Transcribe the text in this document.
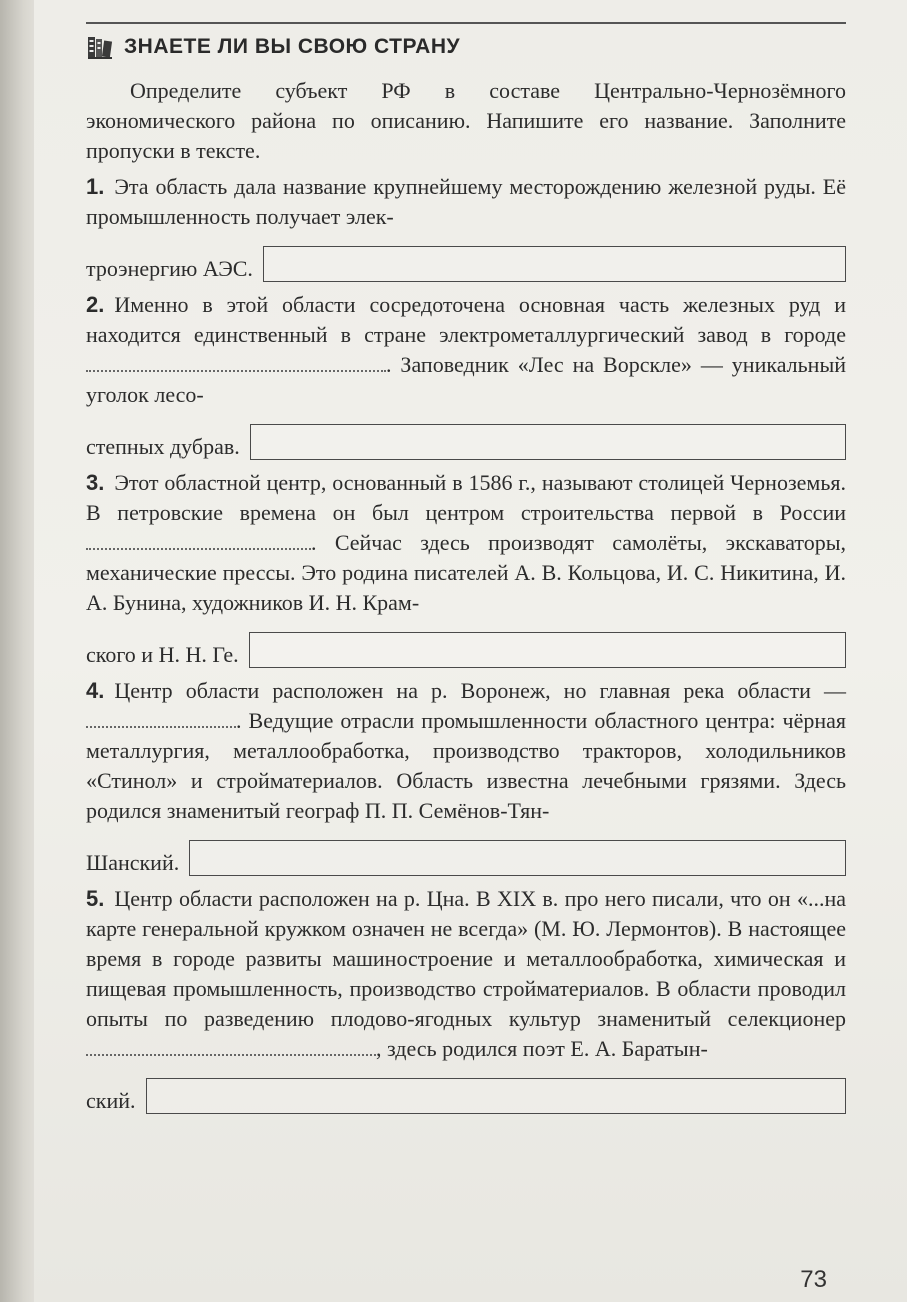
ЗНАЕТЕ ЛИ ВЫ СВОЮ СТРАНУ

Определите субъект РФ в составе Центрально-Чернозёмного экономического района по описанию. Напишите его название. Заполните пропуски в тексте.

1. Эта область дала название крупнейшему месторождению железной руды. Её промышленность получает элек-
троэнергию АЭС.
2. Именно в этой области сосредоточена основная часть железных руд и находится единственный в стране электрометаллургический завод в городе . Заповедник «Лес на Ворскле» — уникальный уголок лесо-
степных дубрав.
3. Этот областной центр, основанный в 1586 г., называют столицей Черноземья. В петровские времена он был центром строительства первой в России . Сейчас здесь производят самолёты, экскаваторы, механические прессы. Это родина писателей А. В. Кольцова, И. С. Никитина, И. А. Бунина, художников И. Н. Крам-
ского и Н. Н. Ге.
4. Центр области расположен на р. Воронеж, но главная река области — . Ведущие отрасли промышленности областного центра: чёрная металлургия, металлообработка, производство тракторов, холодильников «Стинол» и стройматериалов. Область известна лечебными грязями. Здесь родился знаменитый географ П. П. Семёнов-Тян-
Шанский.
5. Центр области расположен на р. Цна. В XIX в. про него писали, что он «...на карте генеральной кружком означен не всегда» (М. Ю. Лермонтов). В настоящее время в городе развиты машиностроение и металлообработка, химическая и пищевая промышленность, производство стройматериалов. В области проводил опыты по разведению плодово-ягодных культур знаменитый селекционер , здесь родился поэт Е. А. Баратын-
ский.
73
